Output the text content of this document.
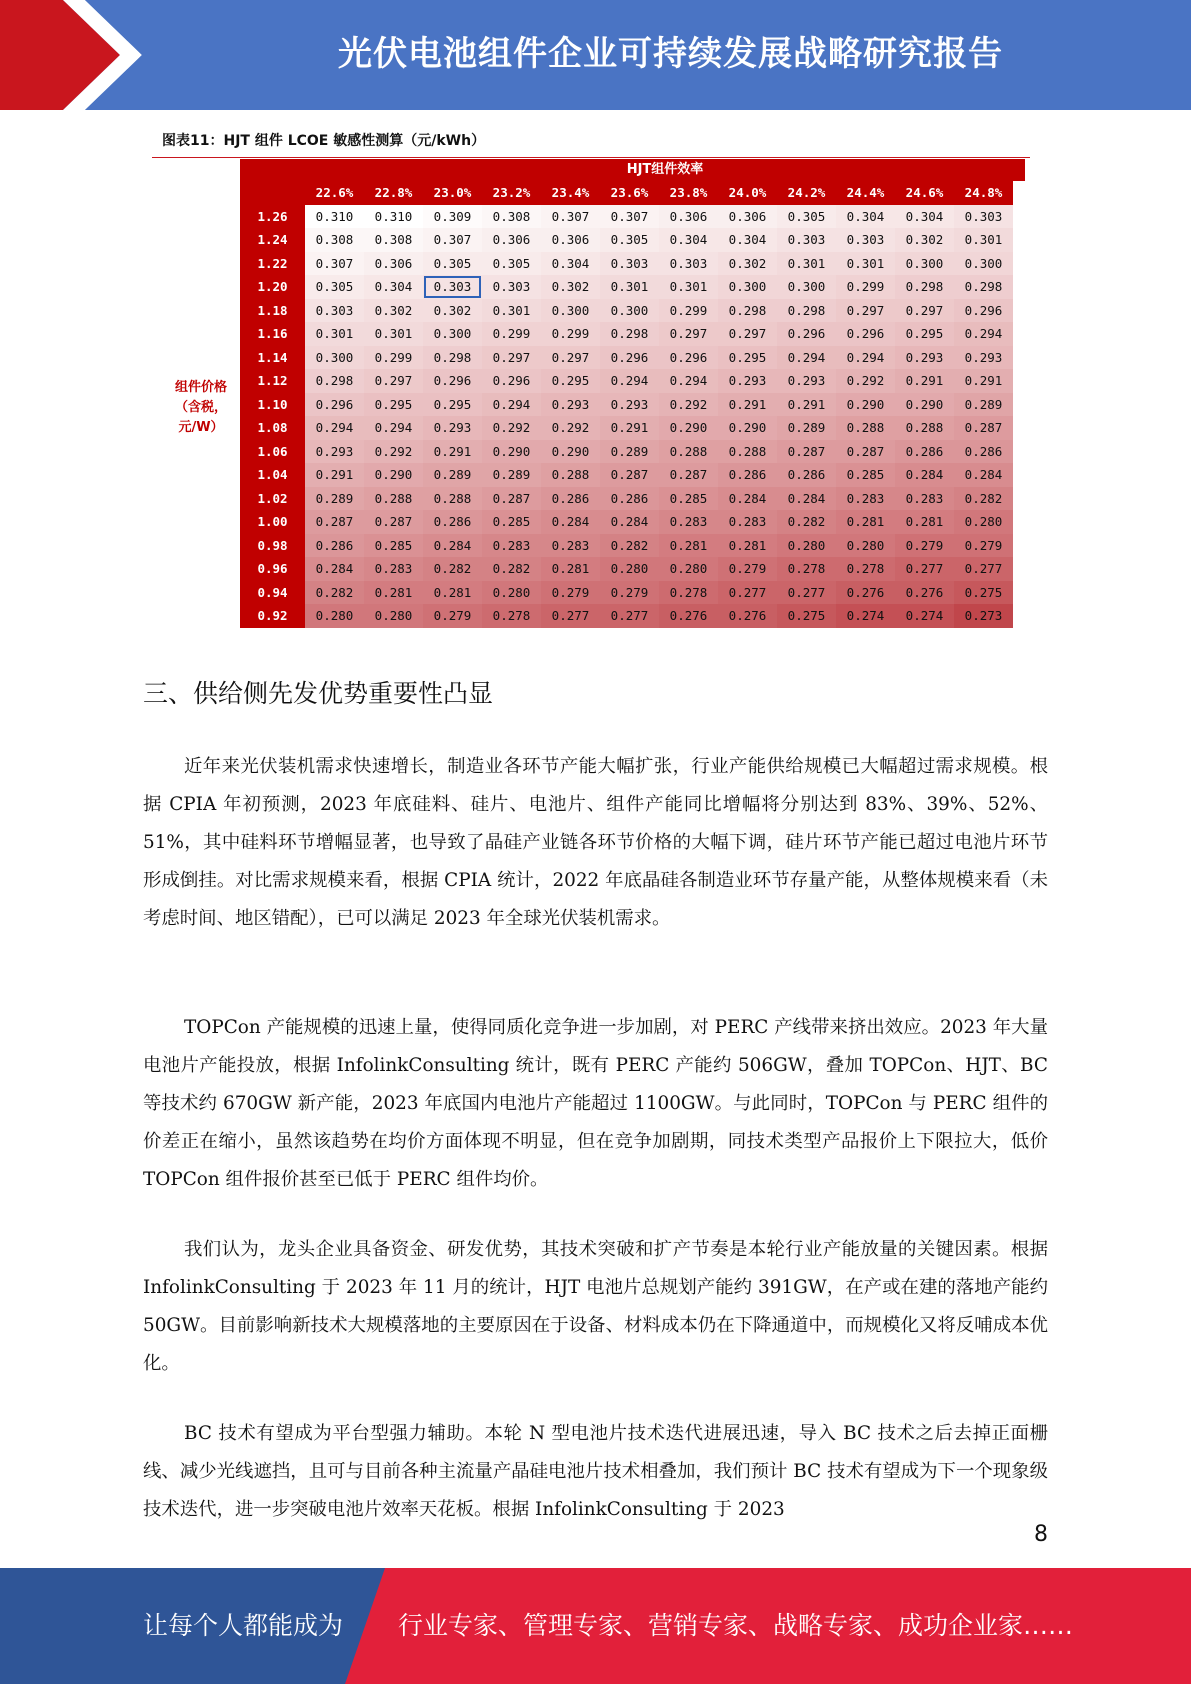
光伏电池组件企业可持续发展战略研究报告
图表11：HJT 组件 LCOE 敏感性测算（元/kWh）
HJT组件效率
组件价格
（含税，
元/W）
	22.6%	22.8%	23.0%	23.2%	23.4%	23.6%	23.8%	24.0%	24.2%	24.4%	24.6%	24.8%
1.26	0.310	0.310	0.309	0.308	0.307	0.307	0.306	0.306	0.305	0.304	0.304	0.303
1.24	0.308	0.308	0.307	0.306	0.306	0.305	0.304	0.304	0.303	0.303	0.302	0.301
1.22	0.307	0.306	0.305	0.305	0.304	0.303	0.303	0.302	0.301	0.301	0.300	0.300
1.20	0.305	0.304	0.303	0.303	0.302	0.301	0.301	0.300	0.300	0.299	0.298	0.298
1.18	0.303	0.302	0.302	0.301	0.300	0.300	0.299	0.298	0.298	0.297	0.297	0.296
1.16	0.301	0.301	0.300	0.299	0.299	0.298	0.297	0.297	0.296	0.296	0.295	0.294
1.14	0.300	0.299	0.298	0.297	0.297	0.296	0.296	0.295	0.294	0.294	0.293	0.293
1.12	0.298	0.297	0.296	0.296	0.295	0.294	0.294	0.293	0.293	0.292	0.291	0.291
1.10	0.296	0.295	0.295	0.294	0.293	0.293	0.292	0.291	0.291	0.290	0.290	0.289
1.08	0.294	0.294	0.293	0.292	0.292	0.291	0.290	0.290	0.289	0.288	0.288	0.287
1.06	0.293	0.292	0.291	0.290	0.290	0.289	0.288	0.288	0.287	0.287	0.286	0.286
1.04	0.291	0.290	0.289	0.289	0.288	0.287	0.287	0.286	0.286	0.285	0.284	0.284
1.02	0.289	0.288	0.288	0.287	0.286	0.286	0.285	0.284	0.284	0.283	0.283	0.282
1.00	0.287	0.287	0.286	0.285	0.284	0.284	0.283	0.283	0.282	0.281	0.281	0.280
0.98	0.286	0.285	0.284	0.283	0.283	0.282	0.281	0.281	0.280	0.280	0.279	0.279
0.96	0.284	0.283	0.282	0.282	0.281	0.280	0.280	0.279	0.278	0.278	0.277	0.277
0.94	0.282	0.281	0.281	0.280	0.279	0.279	0.278	0.277	0.277	0.276	0.276	0.275
0.92	0.280	0.280	0.279	0.278	0.277	0.277	0.276	0.276	0.275	0.274	0.274	0.273
三、供给侧先发优势重要性凸显

近年来光伏装机需求快速增长，制造业各环节产能大幅扩张，行业产能供给规模已大幅超过需求规模。根据 CPIA 年初预测，2023 年底硅料、硅片、电池片、组件产能同比增幅将分别达到 83%、39%、52%、51%，其中硅料环节增幅显著，也导致了晶硅产业链各环节价格的大幅下调，硅片环节产能已超过电池片环节形成倒挂。对比需求规模来看，根据 CPIA 统计，2022 年底晶硅各制造业环节存量产能，从整体规模来看（未考虑时间、地区错配），已可以满足 2023 年全球光伏装机需求。

TOPCon 产能规模的迅速上量，使得同质化竞争进一步加剧，对 PERC 产线带来挤出效应。2023 年大量电池片产能投放，根据 InfolinkConsulting 统计，既有 PERC 产能约 506GW，叠加 TOPCon、HJT、BC 等技术约 670GW 新产能，2023 年底国内电池片产能超过 1100GW。与此同时，TOPCon 与 PERC 组件的价差正在缩小，虽然该趋势在均价方面体现不明显，但在竞争加剧期，同技术类型产品报价上下限拉大，低价 TOPCon 组件报价甚至已低于 PERC 组件均价。

我们认为，龙头企业具备资金、研发优势，其技术突破和扩产节奏是本轮行业产能放量的关键因素。根据 InfolinkConsulting 于 2023 年 11 月的统计，HJT 电池片总规划产能约 391GW，在产或在建的落地产能约 50GW。目前影响新技术大规模落地的主要原因在于设备、材料成本仍在下降通道中，而规模化又将反哺成本优化。

BC 技术有望成为平台型强力辅助。本轮 N 型电池片技术迭代进展迅速，导入 BC 技术之后去掉正面栅线、减少光线遮挡，且可与目前各种主流量产晶硅电池片技术相叠加，我们预计 BC 技术有望成为下一个现象级技术迭代，进一步突破电池片效率天花板。根据 InfolinkConsulting 于 2023

8
让每个人都能成为 行业专家、管理专家、营销专家、战略专家、成功企业家……
